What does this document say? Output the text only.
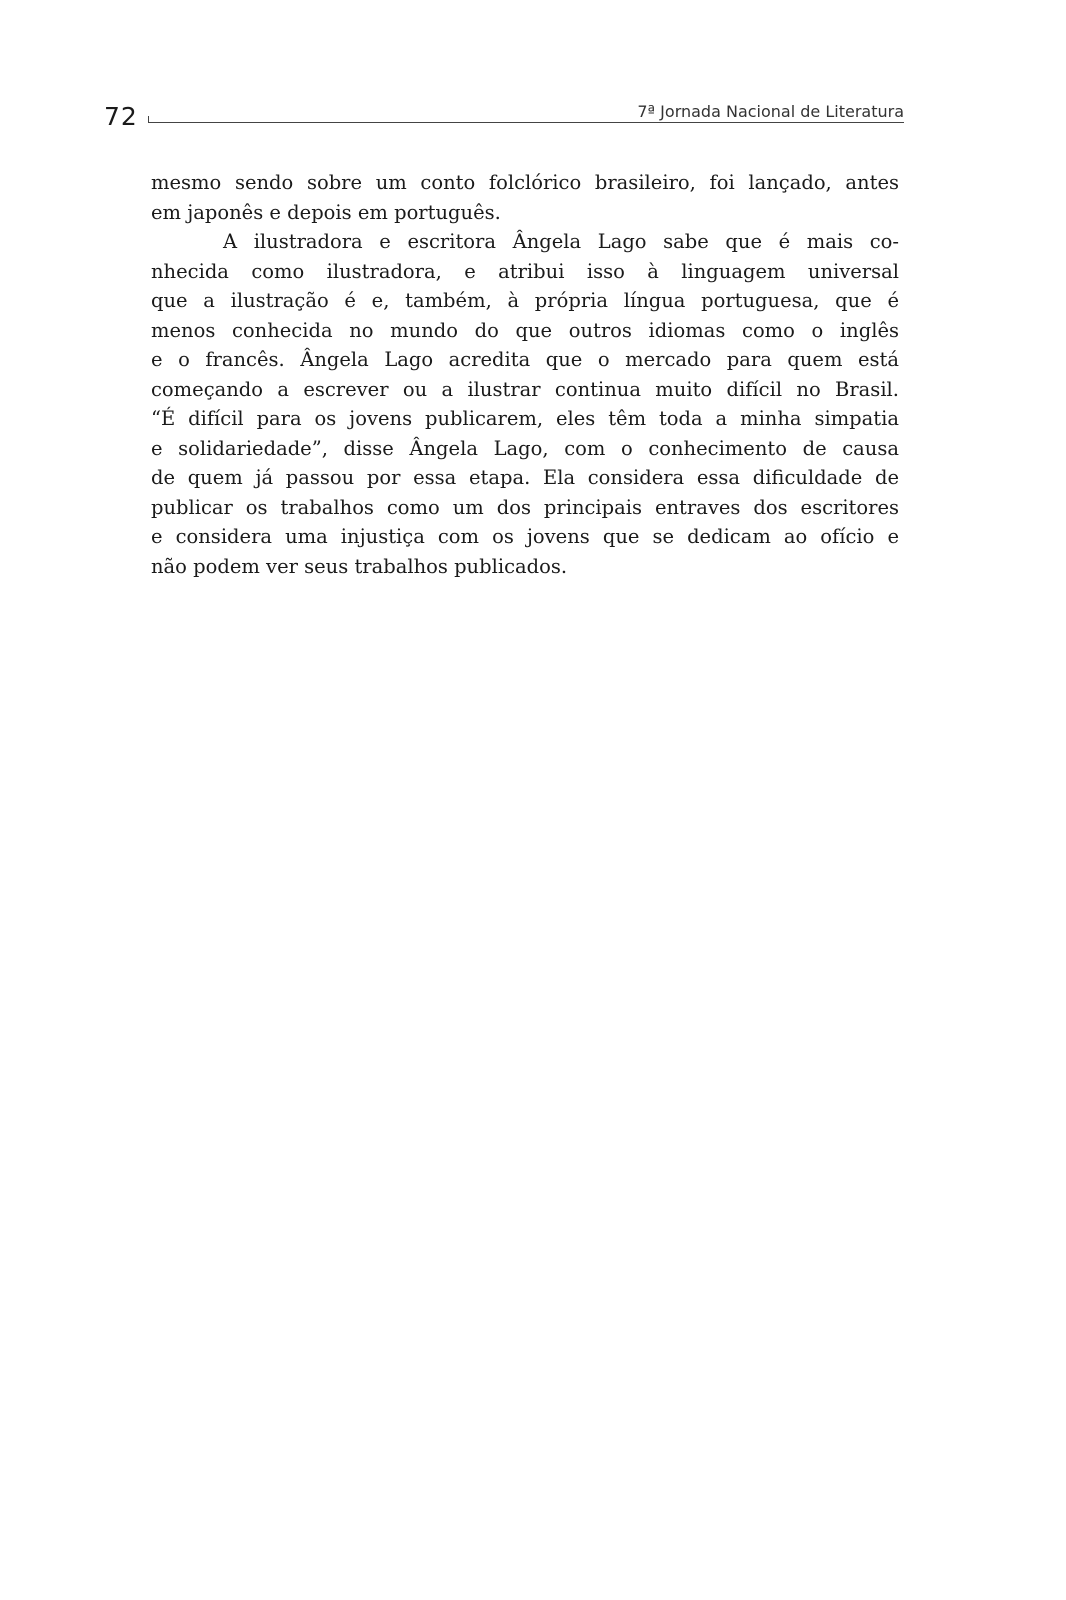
72	7ª Jornada Nacional de Literatura
mesmo sendo sobre um conto folclórico brasileiro, foi lançado, antes
em japonês e depois em português.
A ilustradora e escritora Ângela Lago sabe que é mais co-
nhecida como ilustradora, e atribui isso à linguagem universal
que a ilustração é e, também, à própria língua portuguesa, que é
menos conhecida no mundo do que outros idiomas como o inglês
e o francês. Ângela Lago acredita que o mercado para quem está
começando a escrever ou a ilustrar continua muito difícil no Brasil.
“É difícil para os jovens publicarem, eles têm toda a minha simpatia
e solidariedade”, disse Ângela Lago, com o conhecimento de causa
de quem já passou por essa etapa. Ela considera essa dificuldade de
publicar os trabalhos como um dos principais entraves dos escritores
e considera uma injustiça com os jovens que se dedicam ao ofício e
não podem ver seus trabalhos publicados.
